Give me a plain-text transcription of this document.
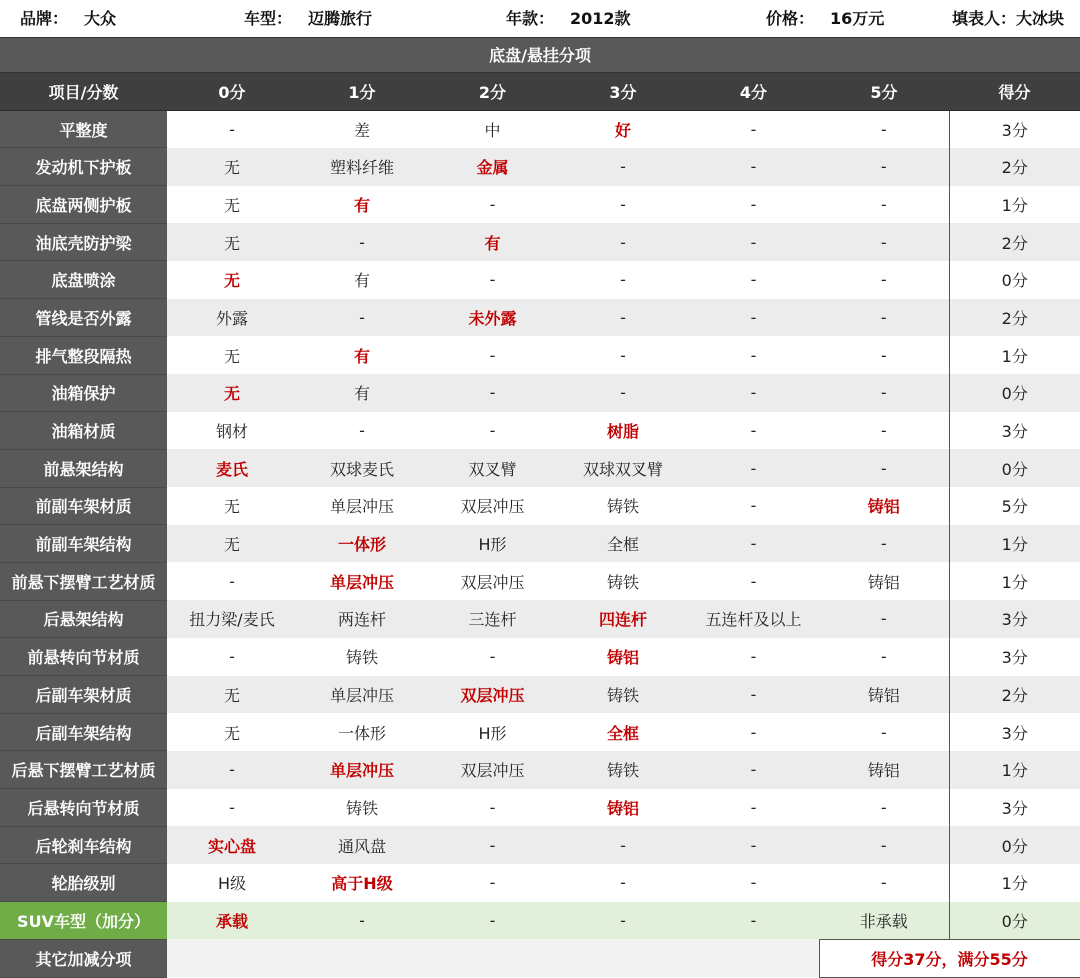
品牌： 大众	车型： 迈腾旅行	年款： 2012款	价格： 16万元	填表人：大冰块
底盘/悬挂分项
项目/分数	0分	1分	2分	3分	4分	5分	得分
平整度	-	差	中	好	-	-	3分
发动机下护板	无	塑料纤维	金属	-	-	-	2分
底盘两侧护板	无	有	-	-	-	-	1分
油底壳防护梁	无	-	有	-	-	-	2分
底盘喷涂	无	有	-	-	-	-	0分
管线是否外露	外露	-	未外露	-	-	-	2分
排气整段隔热	无	有	-	-	-	-	1分
油箱保护	无	有	-	-	-	-	0分
油箱材质	钢材	-	-	树脂	-	-	3分
前悬架结构	麦氏	双球麦氏	双叉臂	双球双叉臂	-	-	0分
前副车架材质	无	单层冲压	双层冲压	铸铁	-	铸铝	5分
前副车架结构	无	一体形	H形	全框	-	-	1分
前悬下摆臂工艺材质	-	单层冲压	双层冲压	铸铁	-	铸铝	1分
后悬架结构	扭力梁/麦氏	两连杆	三连杆	四连杆	五连杆及以上	-	3分
前悬转向节材质	-	铸铁	-	铸铝	-	-	3分
后副车架材质	无	单层冲压	双层冲压	铸铁	-	铸铝	2分
后副车架结构	无	一体形	H形	全框	-	-	3分
后悬下摆臂工艺材质	-	单层冲压	双层冲压	铸铁	-	铸铝	1分
后悬转向节材质	-	铸铁	-	铸铝	-	-	3分
后轮刹车结构	实心盘	通风盘	-	-	-	-	0分
轮胎级别	H级	高于H级	-	-	-	-	1分
SUV车型（加分）	承载	-	-	-	-	非承载	0分
其它加减分项						得分37分，满分55分	
